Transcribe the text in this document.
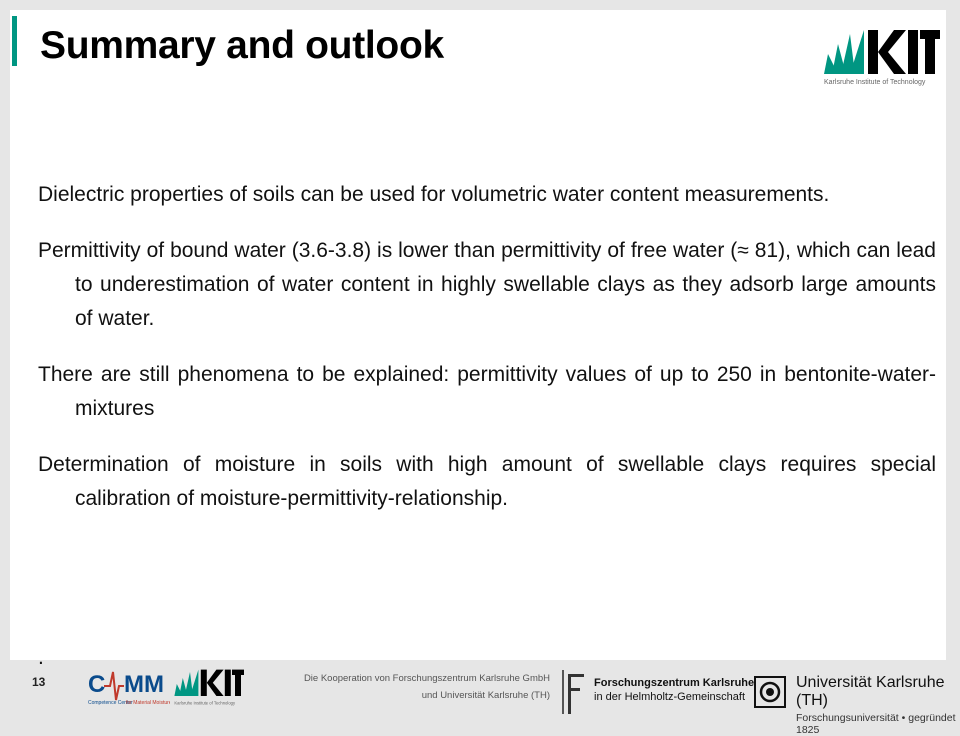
Summary and outlook
Karlsruhe Institute of Technology

Dielectric properties of soils can be used for volumetric water content measurements.

Permittivity of bound water (3.6-3.8) is lower than permittivity of free water (≈ 81), which can lead to underestimation of water content in highly swellable clays as they adsorb large amounts of water.

There are still phenomena to be explained: permittivity values of up to 250 in bentonite-water-mixtures

Determination of moisture in soils with high amount of swellable clays requires special calibration of moisture-permittivity-relationship.

.
13 C MM
Competence Center
for Material Moisture Karlsruhe Institute of Technology
Die Kooperation von Forschungszentrum Karlsruhe GmbH
und Universität Karlsruhe (TH)
Forschungszentrum Karlsruhe
in der Helmholtz-Gemeinschaft
Universität Karlsruhe (TH)
Forschungsuniversität • gegründet 1825
